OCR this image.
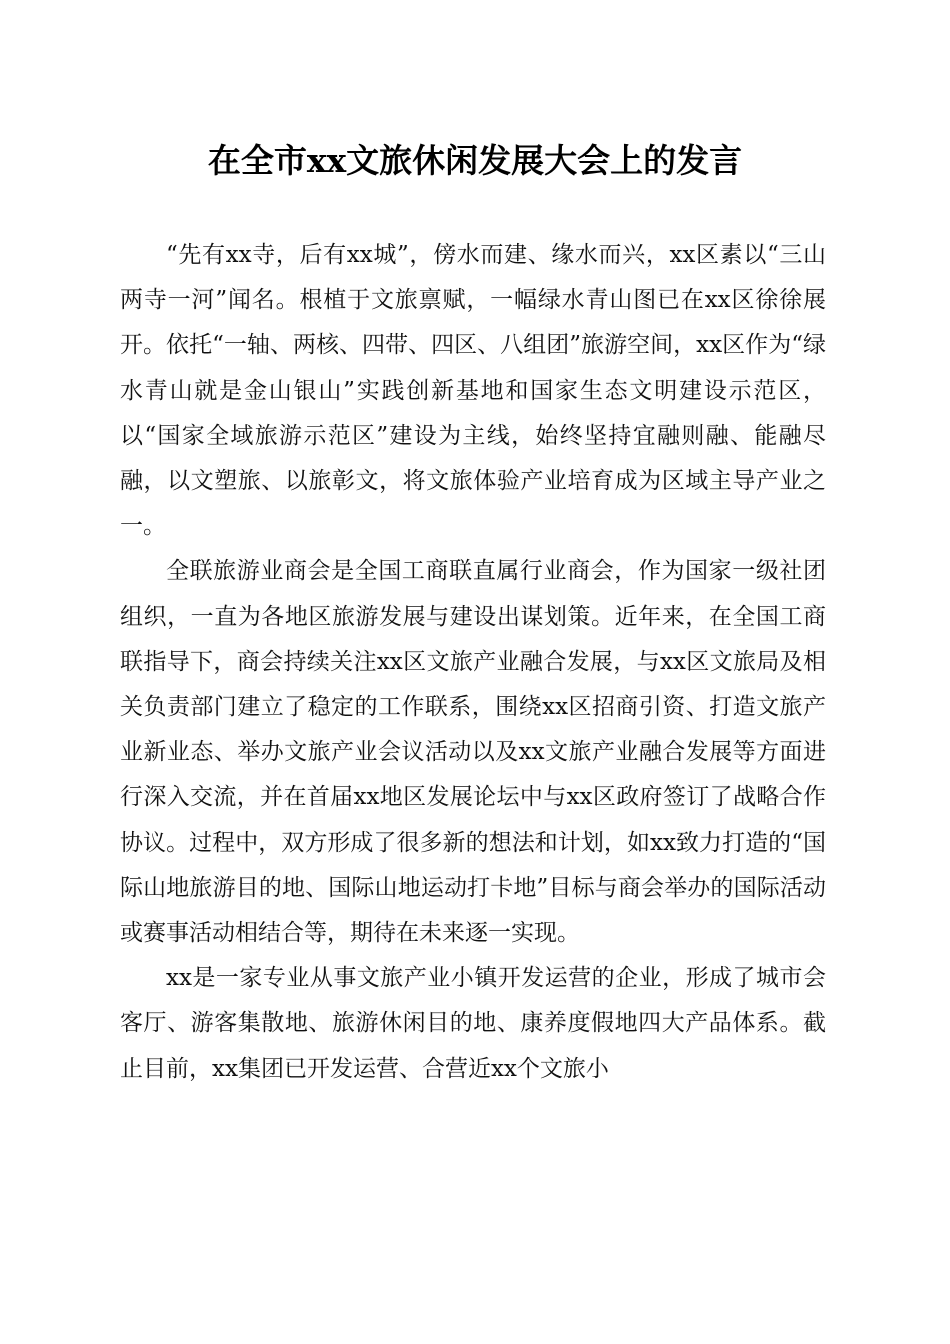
在全市xx文旅休闲发展大会上的发言

“先有xx寺，后有xx城”，傍水而建、缘水而兴，xx区素以“三山两寺一河”闻名。根植于文旅禀赋，一幅绿水青山图已在xx区徐徐展开。依托“一轴、两核、四带、四区、八组团”旅游空间，xx区作为“绿水青山就是金山银山”实践创新基地和国家生态文明建设示范区，以“国家全域旅游示范区”建设为主线，始终坚持宜融则融、能融尽融，以文塑旅、以旅彰文，将文旅体验产业培育成为区域主导产业之一。

全联旅游业商会是全国工商联直属行业商会，作为国家一级社团组织，一直为各地区旅游发展与建设出谋划策。近年来，在全国工商联指导下，商会持续关注xx区文旅产业融合发展，与xx区文旅局及相关负责部门建立了稳定的工作联系，围绕xx区招商引资、打造文旅产业新业态、举办文旅产业会议活动以及xx文旅产业融合发展等方面进行深入交流，并在首届xx地区发展论坛中与xx区政府签订了战略合作协议。过程中，双方形成了很多新的想法和计划，如xx致力打造的“国际山地旅游目的地、国际山地运动打卡地”目标与商会举办的国际活动或赛事活动相结合等，期待在未来逐一实现。

xx是一家专业从事文旅产业小镇开发运营的企业，形成了城市会客厅、游客集散地、旅游休闲目的地、康养度假地四大产品体系。截止目前，xx集团已开发运营、合营近xx个文旅小
